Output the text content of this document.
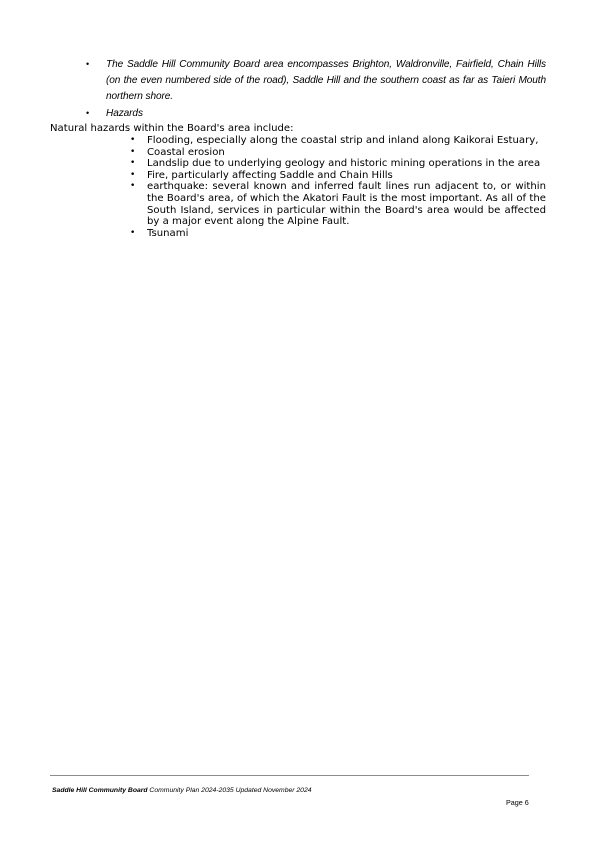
• The Saddle Hill Community Board area encompasses Brighton, Waldronville, Fairfield, Chain Hills (on the even numbered side of the road), Saddle Hill and the southern coast as far as Taieri Mouth northern shore.
• Hazards
Natural hazards within the Board's area include:
• Flooding, especially along the coastal strip and inland along Kaikorai Estuary,
• Coastal erosion
• Landslip due to underlying geology and historic mining operations in the area
• Fire, particularly affecting Saddle and Chain Hills
• earthquake: several known and inferred fault lines run adjacent to, or within the Board's area, of which the Akatori Fault is the most important. As all of the South Island, services in particular within the Board's area would be affected by a major event along the Alpine Fault.
• Tsunami
Saddle Hill Community Board Community Plan 2024-2035 Updated November 2024
Page 6
